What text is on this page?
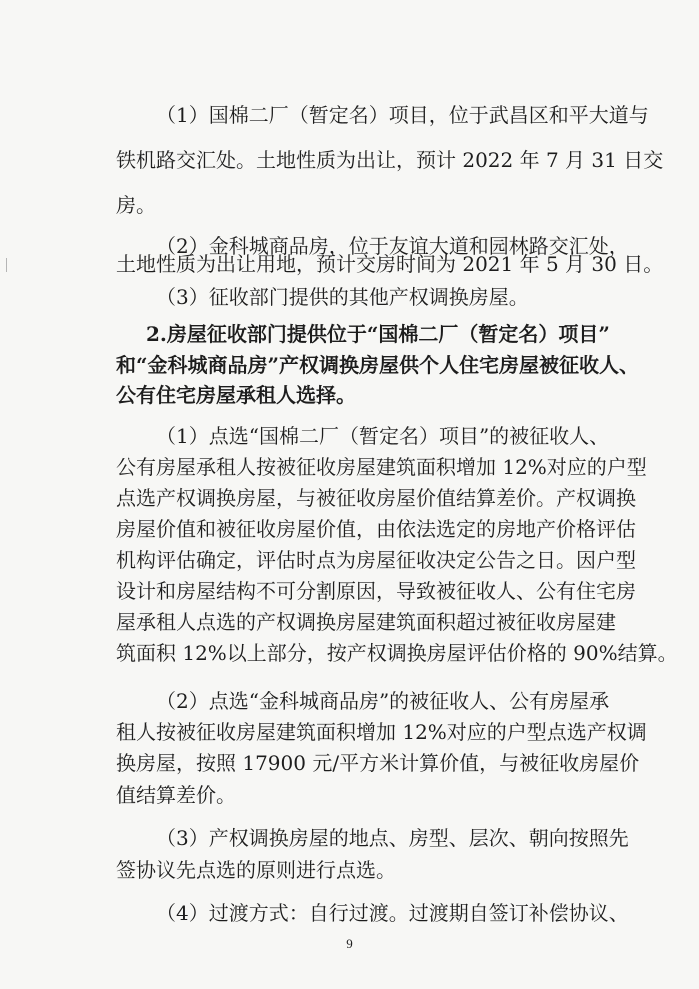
（1）国棉二厂（暂定名）项目，位于武昌区和平大道与
铁机路交汇处。土地性质为出让，预计 2022 年 7 月 31 日交
房。
（2）金科城商品房，位于友谊大道和园林路交汇处，
土地性质为出让用地，预计交房时间为 2021 年 5 月 30 日。
（3）征收部门提供的其他产权调换房屋。
2.房屋征收部门提供位于“国棉二厂（暂定名）项目”
和“金科城商品房”产权调换房屋供个人住宅房屋被征收人、
公有住宅房屋承租人选择。
（1）点选“国棉二厂（暂定名）项目”的被征收人、
公有房屋承租人按被征收房屋建筑面积增加 12%对应的户型
点选产权调换房屋，与被征收房屋价值结算差价。产权调换
房屋价值和被征收房屋价值，由依法选定的房地产价格评估
机构评估确定，评估时点为房屋征收决定公告之日。因户型
设计和房屋结构不可分割原因，导致被征收人、公有住宅房
屋承租人点选的产权调换房屋建筑面积超过被征收房屋建
筑面积 12%以上部分，按产权调换房屋评估价格的 90%结算。
（2）点选“金科城商品房”的被征收人、公有房屋承
租人按被征收房屋建筑面积增加 12%对应的户型点选产权调
换房屋，按照 17900 元/平方米计算价值，与被征收房屋价
值结算差价。
（3）产权调换房屋的地点、房型、层次、朝向按照先
签协议先点选的原则进行点选。
（4）过渡方式：自行过渡。过渡期自签订补偿协议、
9
